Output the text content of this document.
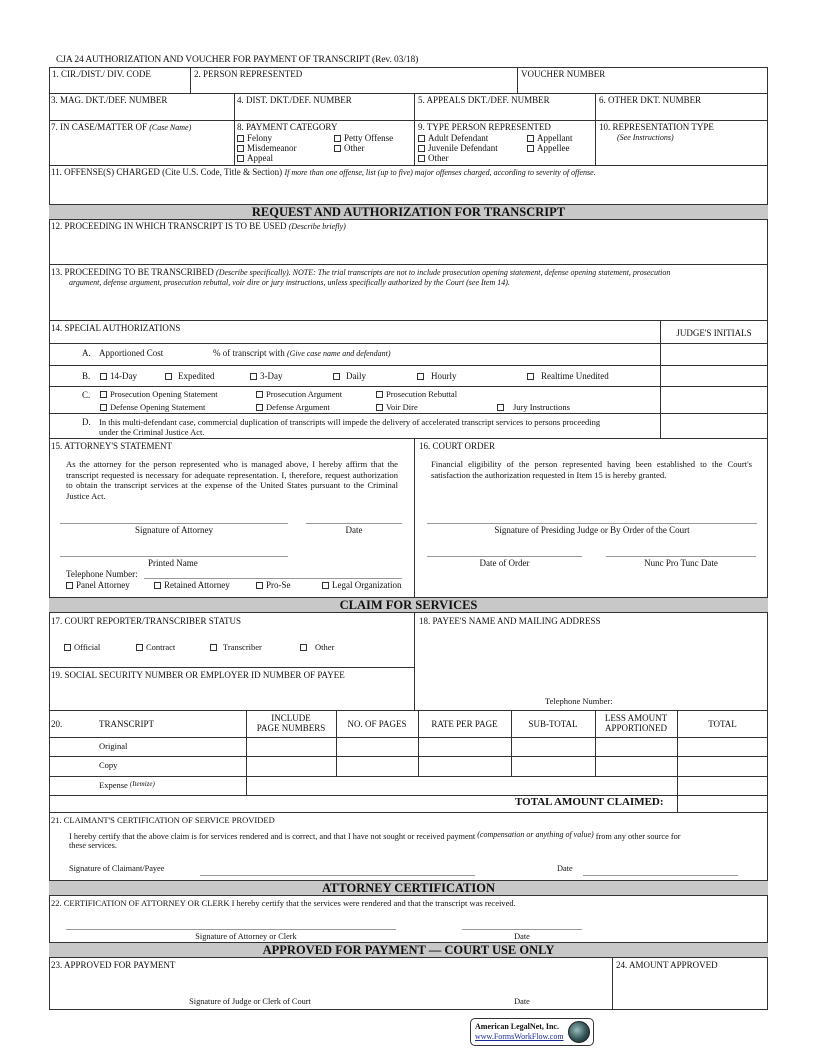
CJA 24 AUTHORIZATION AND VOUCHER FOR PAYMENT OF TRANSCRIPT (Rev. 03/18)
1. CIR./DIST./ DIV. CODE	2. PERSON REPRESENTED	VOUCHER NUMBER
3. MAG. DKT./DEF. NUMBER	4. DIST. DKT./DEF. NUMBER	5. APPEALS DKT./DEF. NUMBER	6. OTHER DKT. NUMBER
7. IN CASE/MATTER OF (Case Name)	8. PAYMENT CATEGORY
Felony	Petty Offense
Misdemeanor	Other
Appeal
9. TYPE PERSON REPRESENTED
Adult Defendant	Appellant
Juvenile Defendant	Appellee
Other
10. REPRESENTATION TYPE
(See Instructions)
11. OFFENSE(S) CHARGED (Cite U.S. Code, Title & Section) If more than one offense, list (up to five) major offenses charged, according to severity of offense.
REQUEST AND AUTHORIZATION FOR TRANSCRIPT
12. PROCEEDING IN WHICH TRANSCRIPT IS TO BE USED (Describe briefly)
13. PROCEEDING TO BE TRANSCRIBED (Describe specifically). NOTE: The trial transcripts are not to include prosecution opening statement, defense opening statement, prosecution
argument, defense argument, prosecution rebuttal, voir dire or jury instructions, unless specifically authorized by the Court (see Item 14).
14. SPECIAL AUTHORIZATIONS	JUDGE'S INITIALS
A. Apportioned Cost	% of transcript with (Give case name and defendant)
B.	14-Day	Expedited	3-Day	Daily	Hourly	Realtime Unedited
C.	Prosecution Opening Statement	Prosecution Argument	Prosecution Rebuttal
Defense Opening Statement	Defense Argument	Voir Dire	Jury Instructions
D. In this multi-defendant case, commercial duplication of transcripts will impede the delivery of accelerated transcript services to persons proceeding
under the Criminal Justice Act.
15. ATTORNEY'S STATEMENT
As the attorney for the person represented who is managed above, I hereby affirm that the transcript requested is necessary for adequate representation. I, therefore, request authorization to obtain the transcript services at the expense of the United States pursuant to the Criminal Justice Act.
Signature of Attorney	Date
Printed Name
Telephone Number:
Panel Attorney	Retained Attorney	Pro-Se	Legal Organization
16. COURT ORDER
Financial eligibility of the person represented having been established to the Court's satisfaction the authorization requested in Item 15 is hereby granted.
Signature of Presiding Judge or By Order of the Court
Date of Order	Nunc Pro Tunc Date
CLAIM FOR SERVICES
17. COURT REPORTER/TRANSCRIBER STATUS
Official	Contract	Transcriber	Other
19. SOCIAL SECURITY NUMBER OR EMPLOYER ID NUMBER OF PAYEE
18. PAYEE'S NAME AND MAILING ADDRESS
Telephone Number:
20.	TRANSCRIPT
INCLUDE
PAGE NUMBERS	NO. OF PAGES	RATE PER PAGE	SUB-TOTAL
LESS AMOUNT
APPORTIONED	TOTAL
Original
Copy
Expense $^{(Itemize)}$
TOTAL AMOUNT CLAIMED:
21. CLAIMANT'S CERTIFICATION OF SERVICE PROVIDED
I hereby certify that the above claim is for services rendered and is correct, and that I have not sought or received payment (compensation or anything of value) from any other source for
these services.
Signature of Claimant/Payee	Date
ATTORNEY CERTIFICATION
22. CERTIFICATION OF ATTORNEY OR CLERK I hereby certify that the services were rendered and that the transcript was received.
Signature of Attorney or Clerk	Date
APPROVED FOR PAYMENT — COURT USE ONLY
23. APPROVED FOR PAYMENT	24. AMOUNT APPROVED
Signature of Judge or Clerk of Court	Date
American LegalNet, Inc.
www.FormsWorkFlow.com
